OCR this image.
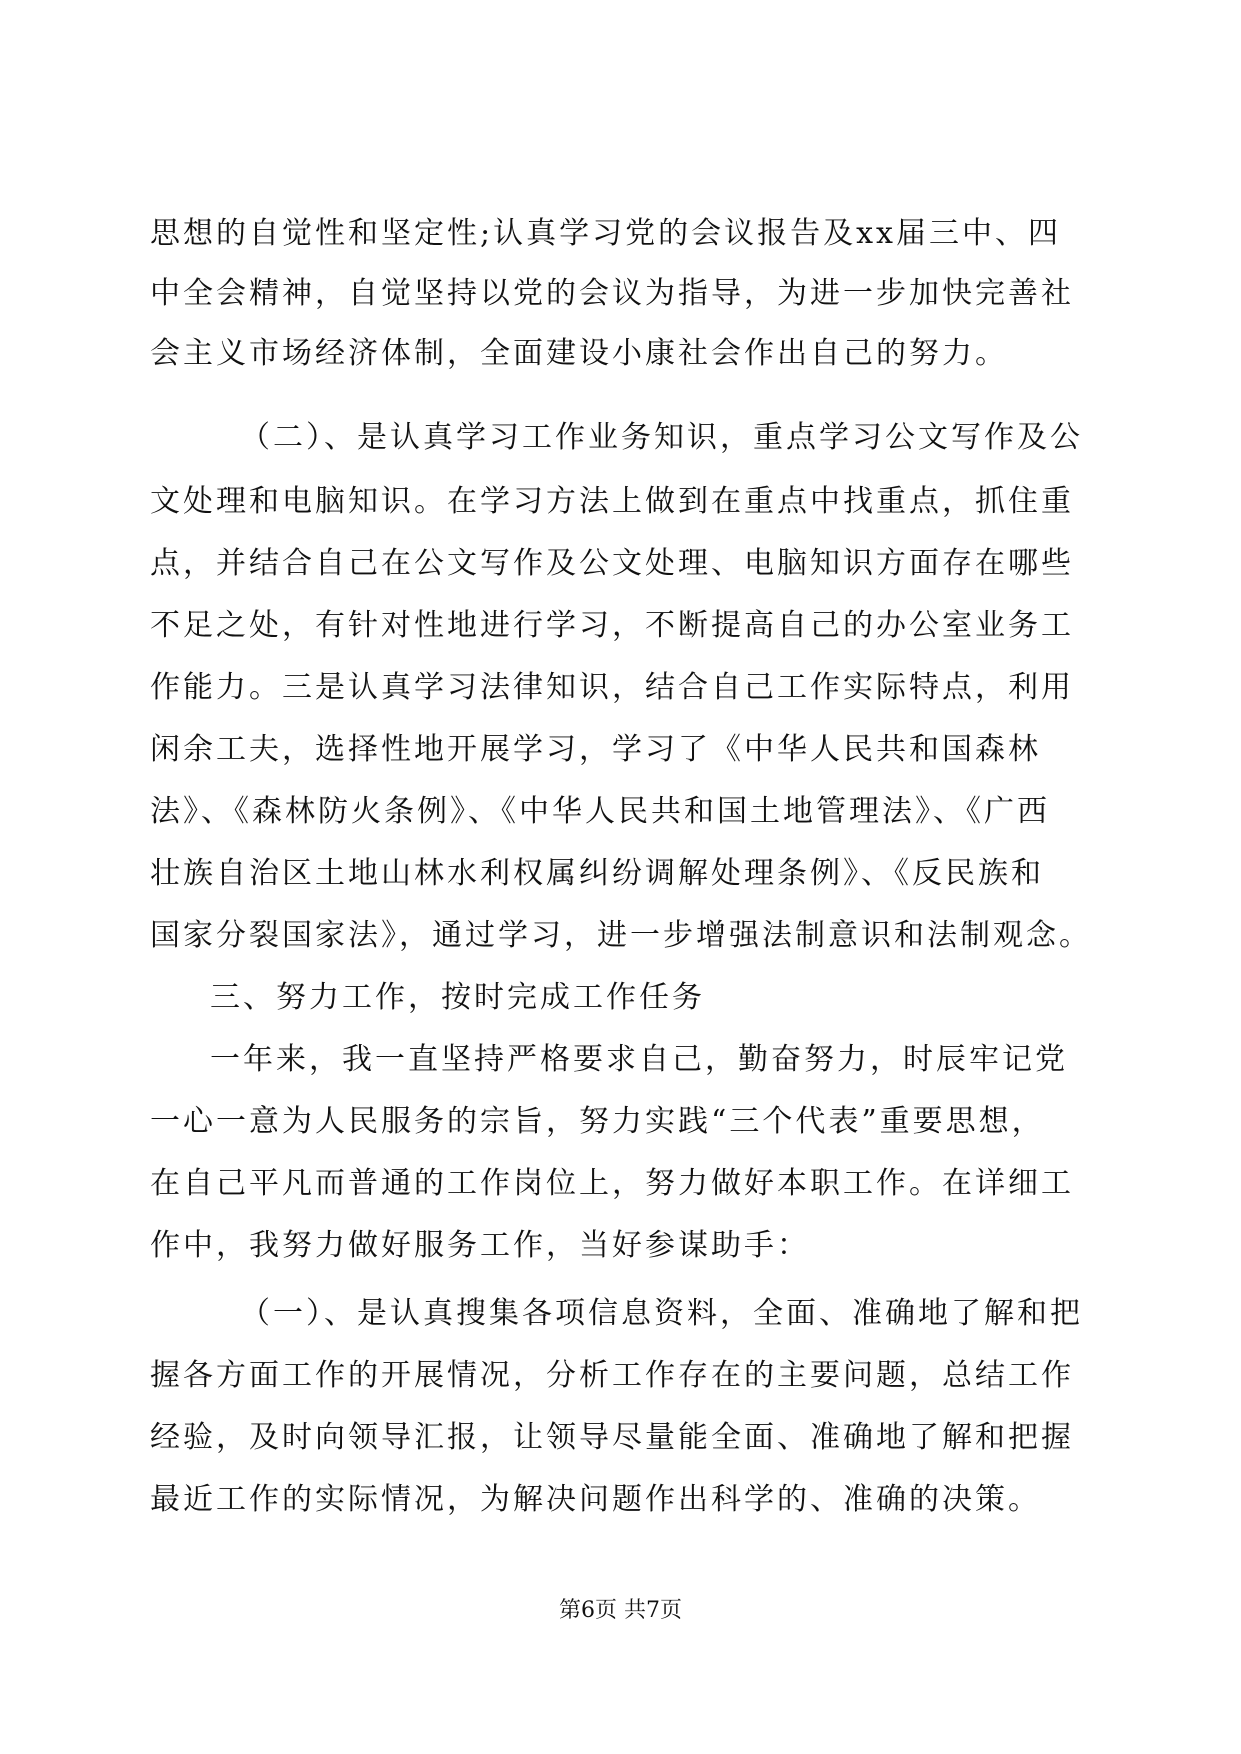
思想的自觉性和坚定性;认真学习党的会议报告及xx届三中、四
中全会精神，自觉坚持以党的会议为指导，为进一步加快完善社
会主义市场经济体制，全面建设小康社会作出自己的努力。
（二）、是认真学习工作业务知识，重点学习公文写作及公
文处理和电脑知识。在学习方法上做到在重点中找重点，抓住重
点，并结合自己在公文写作及公文处理、电脑知识方面存在哪些
不足之处，有针对性地进行学习，不断提高自己的办公室业务工
作能力。三是认真学习法律知识，结合自己工作实际特点，利用
闲余工夫，选择性地开展学习，学习了《中华人民共和国森林
法》、《森林防火条例》、《中华人民共和国土地管理法》、《广西
壮族自治区土地山林水利权属纠纷调解处理条例》、《反民族和
国家分裂国家法》，通过学习，进一步增强法制意识和法制观念。
三、努力工作，按时完成工作任务
一年来，我一直坚持严格要求自己，勤奋努力，时辰牢记党
一心一意为人民服务的宗旨，努力实践“三个代表”重要思想，
在自己平凡而普通的工作岗位上，努力做好本职工作。在详细工
作中，我努力做好服务工作，当好参谋助手：
（一）、是认真搜集各项信息资料，全面、准确地了解和把
握各方面工作的开展情况，分析工作存在的主要问题，总结工作
经验，及时向领导汇报，让领导尽量能全面、准确地了解和把握
最近工作的实际情况，为解决问题作出科学的、准确的决策。
第6页 共7页
